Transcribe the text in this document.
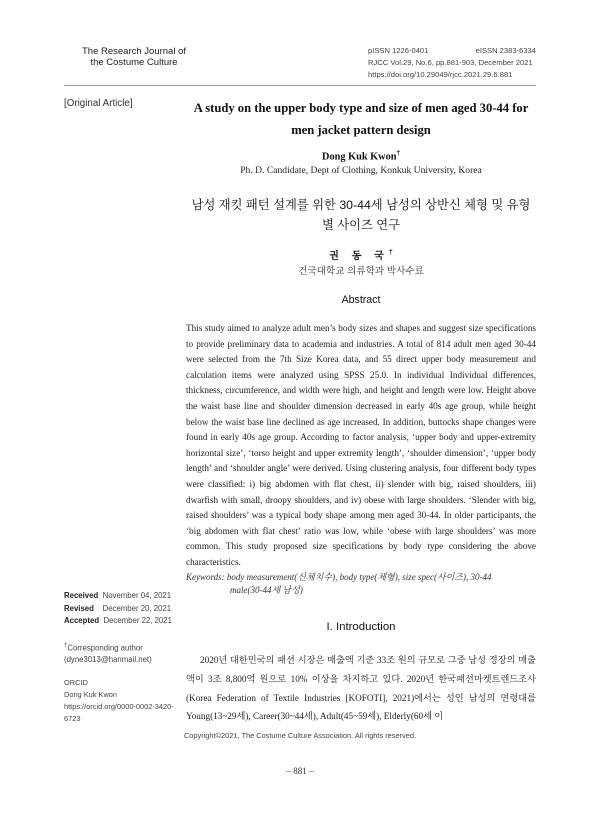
The Research Journal of
the Costume Culture
pISSN 1226-0401	eISSN 2383-6334
RJCC Vol.29, No.6, pp.881-903, December 2021
https://doi.org/10.29049/rjcc.2021.29.6.881
[Original Article]	A study on the upper body type and size of men aged 30-44 for men jacket pattern design
Dong Kuk Kwon†
Ph. D. Candidate, Dept of Clothing, Konkuk University, Korea
남성 재킷 패턴 설계를 위한 30-44세 남성의 상반신 체형 및 유형별 사이즈 연구
권 동 국†
건국대학교 의류학과 박사수료
Abstract
This study aimed to analyze adult men’s body sizes and shapes and suggest size specifications to provide preliminary data to academia and industries. A total of 814 adult men aged 30-44 were selected from the 7th Size Korea data, and 55 direct upper body measurement and calculation items were analyzed using SPSS 25.0. In individual Individual differences, thickness, circumference, and width were high, and height and length were low. Height above the waist base line and shoulder dimension decreased in early 40s age group, while height below the waist base line declined as age increased. In addition, buttocks shape changes were found in early 40s age group. According to factor analysis, ‘upper body and upper-extremity horizontal size’, ‘torso height and upper extremity length’, ‘shoulder dimension’, ‘upper body length’ and ‘shoulder angle’ were derived. Using clustering analysis, four different body types were classified: i) big abdomen with flat chest, ii) slender with big, raised shoulders, iii) dwarfish with small, droopy shoulders, and iv) obese with large shoulders. ‘Slender with big, raised shoulders’ was a typical body shape among men aged 30-44. In older participants, the ‘big abdomen with flat chest’ ratio was low, while ‘obese with large shoulders’ was more common. This study proposed size specifications by body type considering the above characteristics.
Keywords: body measurement(신체치수), body type(체형), size spec(사이즈), 30-44
male(30-44세 남성)
Received November 04, 2021
Revised December 20, 2021
Accepted December 22, 2021
†Corresponding author
(dyne3013@hanmail.net)
ORCID
Dong Kuk Kwon
https://orcid.org/0000-0002-3420-6723
I. Introduction
2020년 대한민국의 패션 시장은 매출액 기준 33조 원의 규모로 그중 남성 정장의 매출액이 3조 8,800억 원으로 10% 이상을 차지하고 있다. 2020년 한국패션마켓트렌드조사(Korea Federation of Textile Industries [KOFOTI], 2021)에서는 성인 남성의 연령대를 Young(13~29세), Career(30~44세), Adult(45~59세), Elderly(60세 이
Copyright©2021, The Costume Culture Association. All rights reserved.
– 881 –
